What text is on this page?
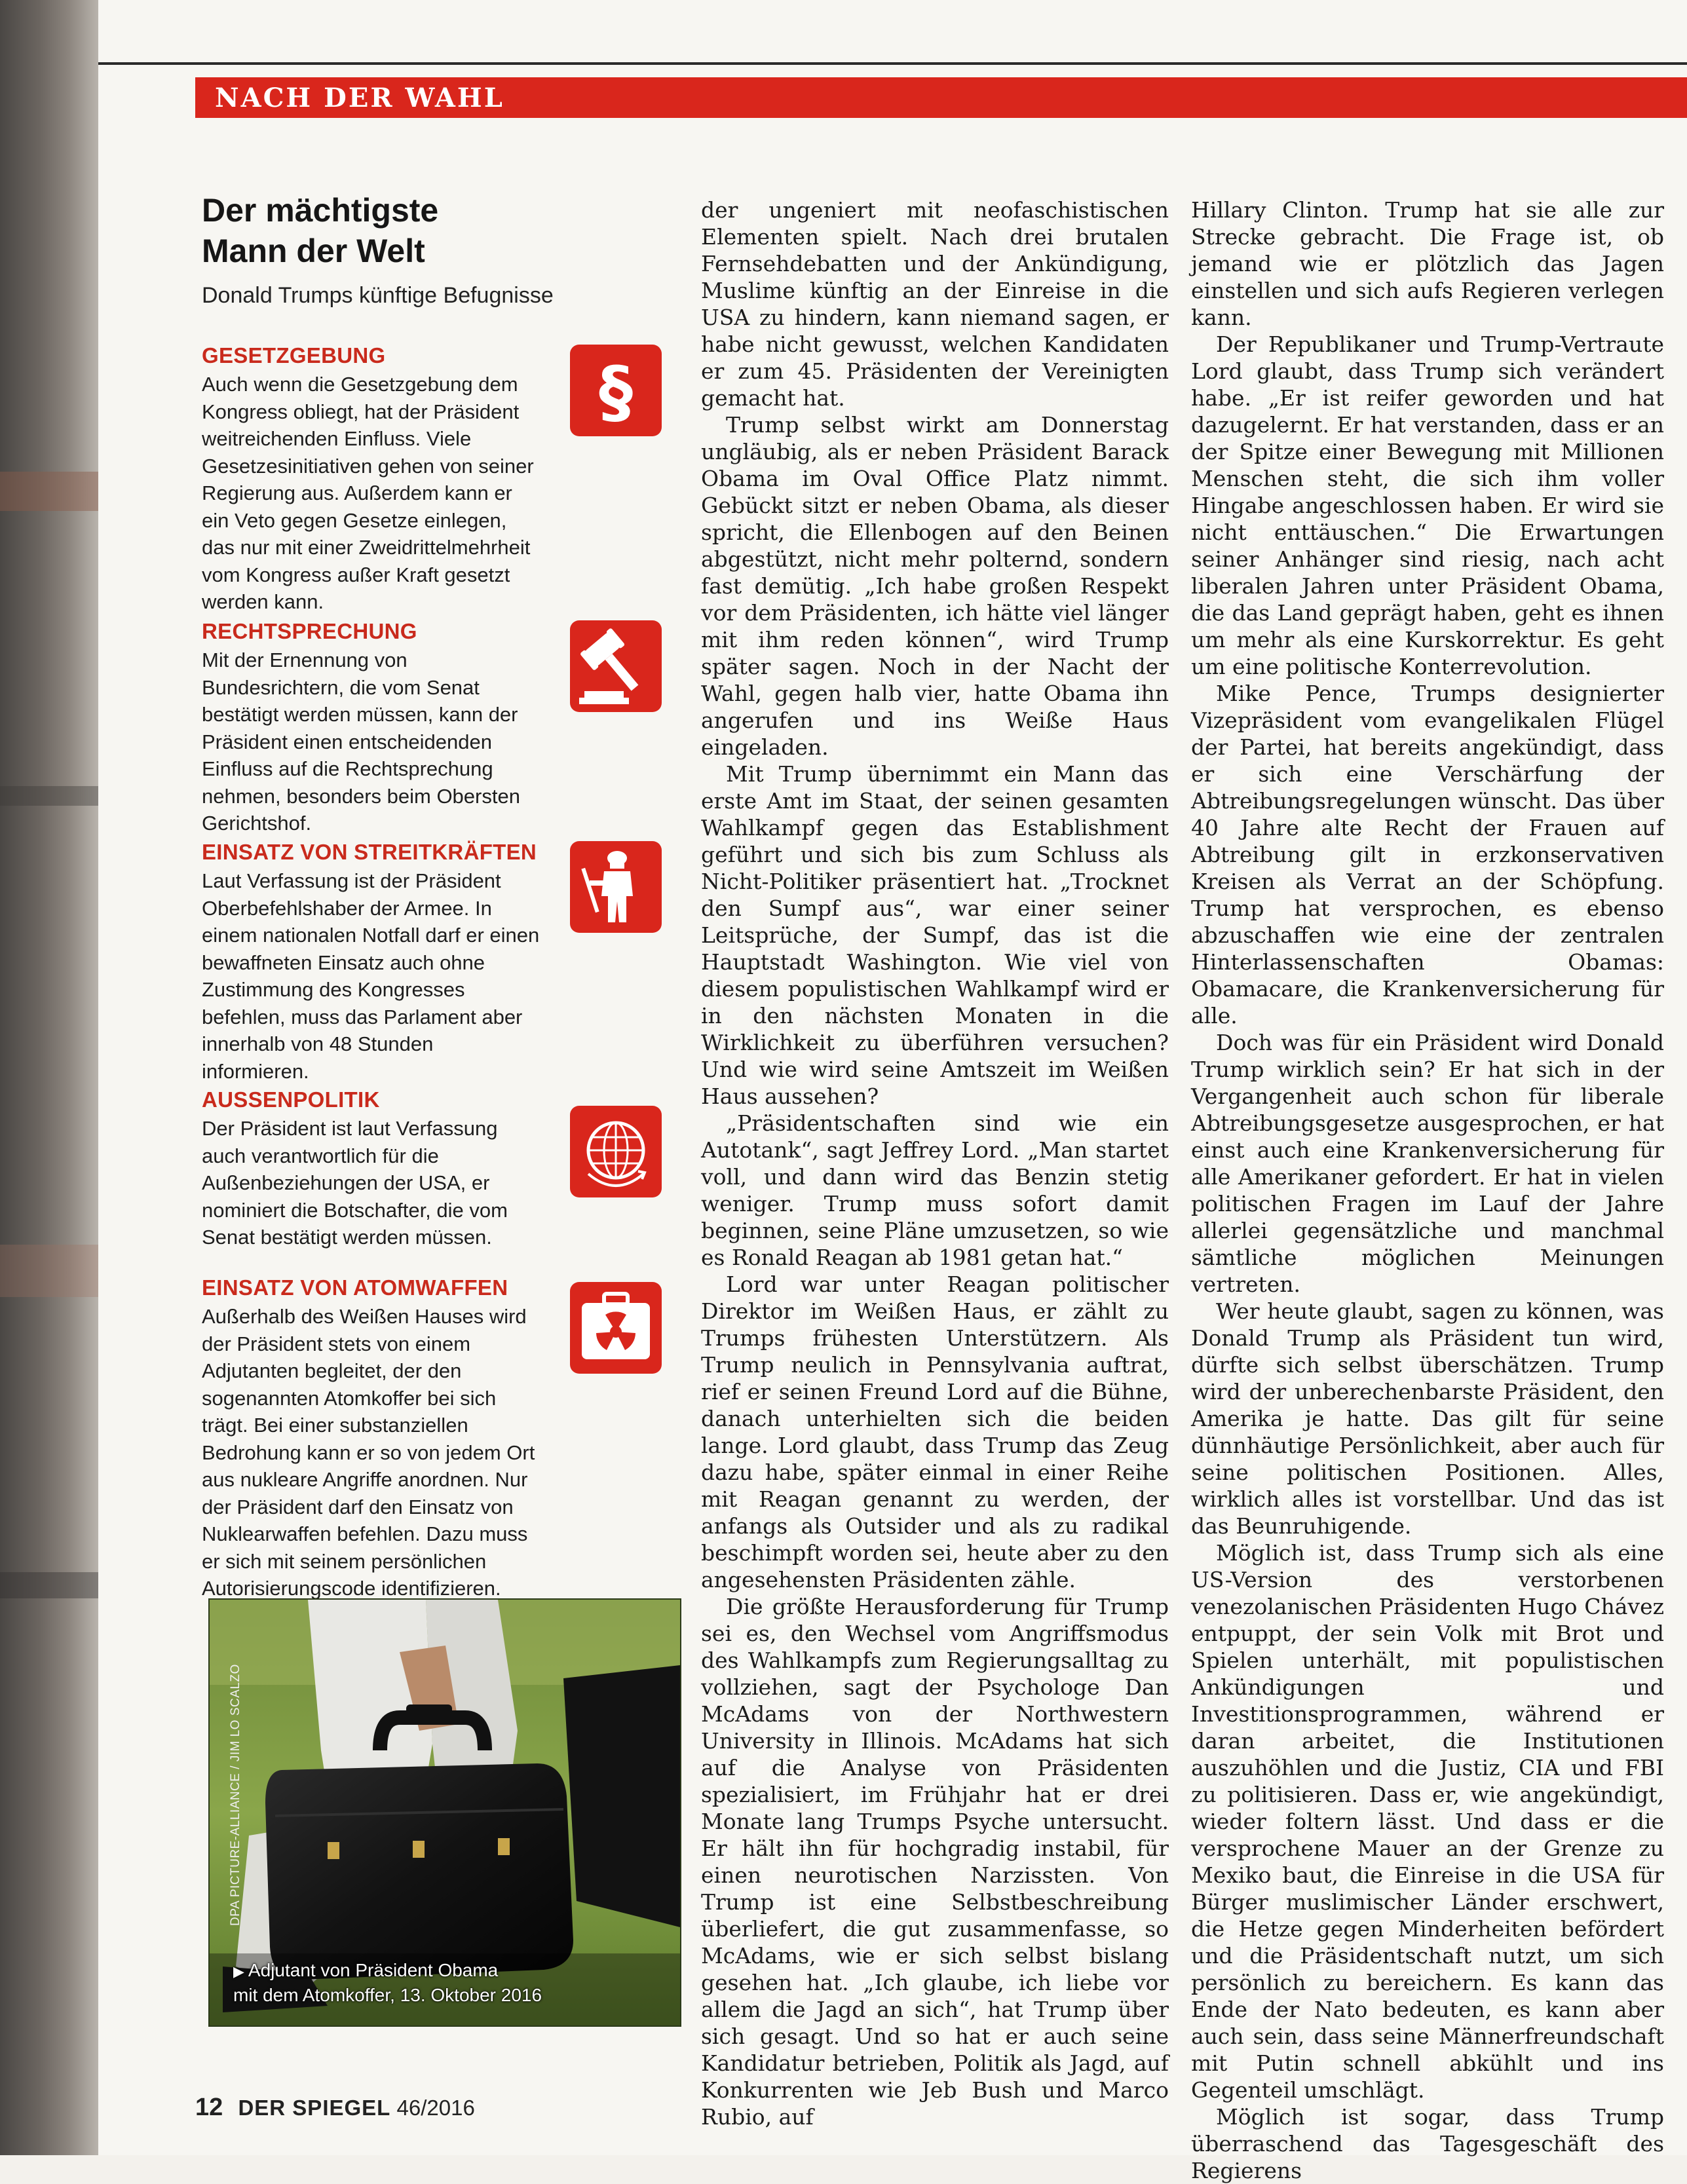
NACH DER WAHL
Der mächtigste
Mann der Welt
Donald Trumps künftige Befugnisse
GESETZGEBUNG

Auch wenn die Gesetzgebung dem Kongress obliegt, hat der Präsident weitreichenden Einfluss. Viele Gesetzesinitiativen gehen von seiner Regierung aus. Außerdem kann er ein Veto gegen Gesetze einlegen, das nur mit einer Zweidrittelmehrheit vom Kongress außer Kraft gesetzt werden kann.

§
RECHTSPRECHUNG

Mit der Ernennung von Bundesrichtern, die vom Senat bestätigt werden müssen, kann der Präsident einen entscheidenden Einfluss auf die Rechtsprechung nehmen, besonders beim Obersten Gerichtshof.

EINSATZ VON STREITKRÄFTEN

Laut Verfassung ist der Präsident Oberbefehlshaber der Armee. In einem nationalen Notfall darf er einen bewaffneten Einsatz auch ohne Zustimmung des Kongresses befehlen, muss das Parlament aber innerhalb von 48 Stunden informieren.

AUSSENPOLITIK

Der Präsident ist laut Verfassung auch verantwortlich für die Außenbeziehungen der USA, er nominiert die Botschafter, die vom Senat bestätigt werden müssen.

EINSATZ VON ATOMWAFFEN

Außerhalb des Weißen Hauses wird der Präsident stets von einem Adjutanten begleitet, der den sogenannten Atomkoffer bei sich trägt. Bei einer substanziellen Bedrohung kann er so von jedem Ort aus nukleare Angriffe anordnen. Nur der Präsident darf den Einsatz von Nuklearwaffen befehlen. Dazu muss er sich mit seinem persönlichen Autorisierungscode identifizieren.

DPA PICTURE-ALLIANCE / JIM LO SCALZO
▶ Adjutant von Präsident Obama
mit dem Atomkoffer, 13. Oktober 2016

der ungeniert mit neofaschistischen Elementen spielt. Nach drei brutalen Fernsehdebatten und der Ankündigung, Muslime künftig an der Einreise in die USA zu hindern, kann niemand sagen, er habe nicht gewusst, welchen Kandidaten er zum 45. Präsidenten der Vereinigten gemacht hat.

Trump selbst wirkt am Donnerstag ungläubig, als er neben Präsident Barack Obama im Oval Office Platz nimmt. Gebückt sitzt er neben Obama, als dieser spricht, die Ellenbogen auf den Beinen abgestützt, nicht mehr polternd, sondern fast demütig. „Ich habe großen Respekt vor dem Präsidenten, ich hätte viel länger mit ihm reden können“, wird Trump später sagen. Noch in der Nacht der Wahl, gegen halb vier, hatte Obama ihn angerufen und ins Weiße Haus eingeladen.

Mit Trump übernimmt ein Mann das erste Amt im Staat, der seinen gesamten Wahlkampf gegen das Establishment geführt und sich bis zum Schluss als Nicht-Politiker präsentiert hat. „Trocknet den Sumpf aus“, war einer seiner Leitsprüche, der Sumpf, das ist die Hauptstadt Washington. Wie viel von diesem populistischen Wahlkampf wird er in den nächsten Monaten in die Wirklichkeit zu überführen versuchen? Und wie wird seine Amtszeit im Weißen Haus aussehen?

„Präsidentschaften sind wie ein Autotank“, sagt Jeffrey Lord. „Man startet voll, und dann wird das Benzin stetig weniger. Trump muss sofort damit beginnen, seine Pläne umzusetzen, so wie es Ronald Reagan ab 1981 getan hat.“

Lord war unter Reagan politischer Direktor im Weißen Haus, er zählt zu Trumps frühesten Unterstützern. Als Trump neulich in Pennsylvania auftrat, rief er seinen Freund Lord auf die Bühne, danach unterhielten sich die beiden lange. Lord glaubt, dass Trump das Zeug dazu habe, später einmal in einer Reihe mit Reagan genannt zu werden, der anfangs als Outsider und als zu radikal beschimpft worden sei, heute aber zu den angesehensten Präsidenten zähle.

Die größte Herausforderung für Trump sei es, den Wechsel vom Angriffsmodus des Wahlkampfs zum Regierungsalltag zu vollziehen, sagt der Psychologe Dan McAdams von der Northwestern University in Illinois. McAdams hat sich auf die Analyse von Präsidenten spezialisiert, im Frühjahr hat er drei Monate lang Trumps Psyche untersucht. Er hält ihn für hochgradig instabil, für einen neurotischen Narzissten. Von Trump ist eine Selbstbeschreibung überliefert, die gut zusammenfasse, so McAdams, wie er sich selbst bislang gesehen hat. „Ich glaube, ich liebe vor allem die Jagd an sich“, hat Trump über sich gesagt. Und so hat er auch seine Kandidatur betrieben, Politik als Jagd, auf Konkurrenten wie Jeb Bush und Marco Rubio, auf

Hillary Clinton. Trump hat sie alle zur Strecke gebracht. Die Frage ist, ob jemand wie er plötzlich das Jagen einstellen und sich aufs Regieren verlegen kann.

Der Republikaner und Trump-Vertraute Lord glaubt, dass Trump sich verändert habe. „Er ist reifer geworden und hat dazugelernt. Er hat verstanden, dass er an der Spitze einer Bewegung mit Millionen Menschen steht, die sich ihm voller Hingabe angeschlossen haben. Er wird sie nicht enttäuschen.“ Die Erwartungen seiner Anhänger sind riesig, nach acht liberalen Jahren unter Präsident Obama, die das Land geprägt haben, geht es ihnen um mehr als eine Kurskorrektur. Es geht um eine politische Konterrevolution.

Mike Pence, Trumps designierter Vizepräsident vom evangelikalen Flügel der Partei, hat bereits angekündigt, dass er sich eine Verschärfung der Abtreibungsregelungen wünscht. Das über 40 Jahre alte Recht der Frauen auf Abtreibung gilt in erzkonservativen Kreisen als Verrat an der Schöpfung. Trump hat versprochen, es ebenso abzuschaffen wie eine der zentralen Hinterlassenschaften Obamas: Obamacare, die Krankenversicherung für alle.

Doch was für ein Präsident wird Donald Trump wirklich sein? Er hat sich in der Vergangenheit auch schon für liberale Abtreibungsgesetze ausgesprochen, er hat einst auch eine Krankenversicherung für alle Amerikaner gefordert. Er hat in vielen politischen Fragen im Lauf der Jahre allerlei gegensätzliche und manchmal sämtliche möglichen Meinungen vertreten.

Wer heute glaubt, sagen zu können, was Donald Trump als Präsident tun wird, dürfte sich selbst überschätzen. Trump wird der unberechenbarste Präsident, den Amerika je hatte. Das gilt für seine dünnhäutige Persönlichkeit, aber auch für seine politischen Positionen. Alles, wirklich alles ist vorstellbar. Und das ist das Beunruhigende.

Möglich ist, dass Trump sich als eine US-Version des verstorbenen venezolanischen Präsidenten Hugo Chávez entpuppt, der sein Volk mit Brot und Spielen unterhält, mit populistischen Ankündigungen und Investitionsprogrammen, während er daran arbeitet, die Institutionen auszuhöhlen und die Justiz, CIA und FBI zu politisieren. Dass er, wie angekündigt, wieder foltern lässt. Und dass er die versprochene Mauer an der Grenze zu Mexiko baut, die Einreise in die USA für Bürger muslimischer Länder erschwert, die Hetze gegen Minderheiten befördert und die Präsidentschaft nutzt, um sich persönlich zu bereichern. Es kann das Ende der Nato bedeuten, es kann aber auch sein, dass seine Männerfreundschaft mit Putin schnell abkühlt und ins Gegenteil umschlägt.

Möglich ist sogar, dass Trump überraschend das Tagesgeschäft des Regierens

12 DER SPIEGEL 46/2016
